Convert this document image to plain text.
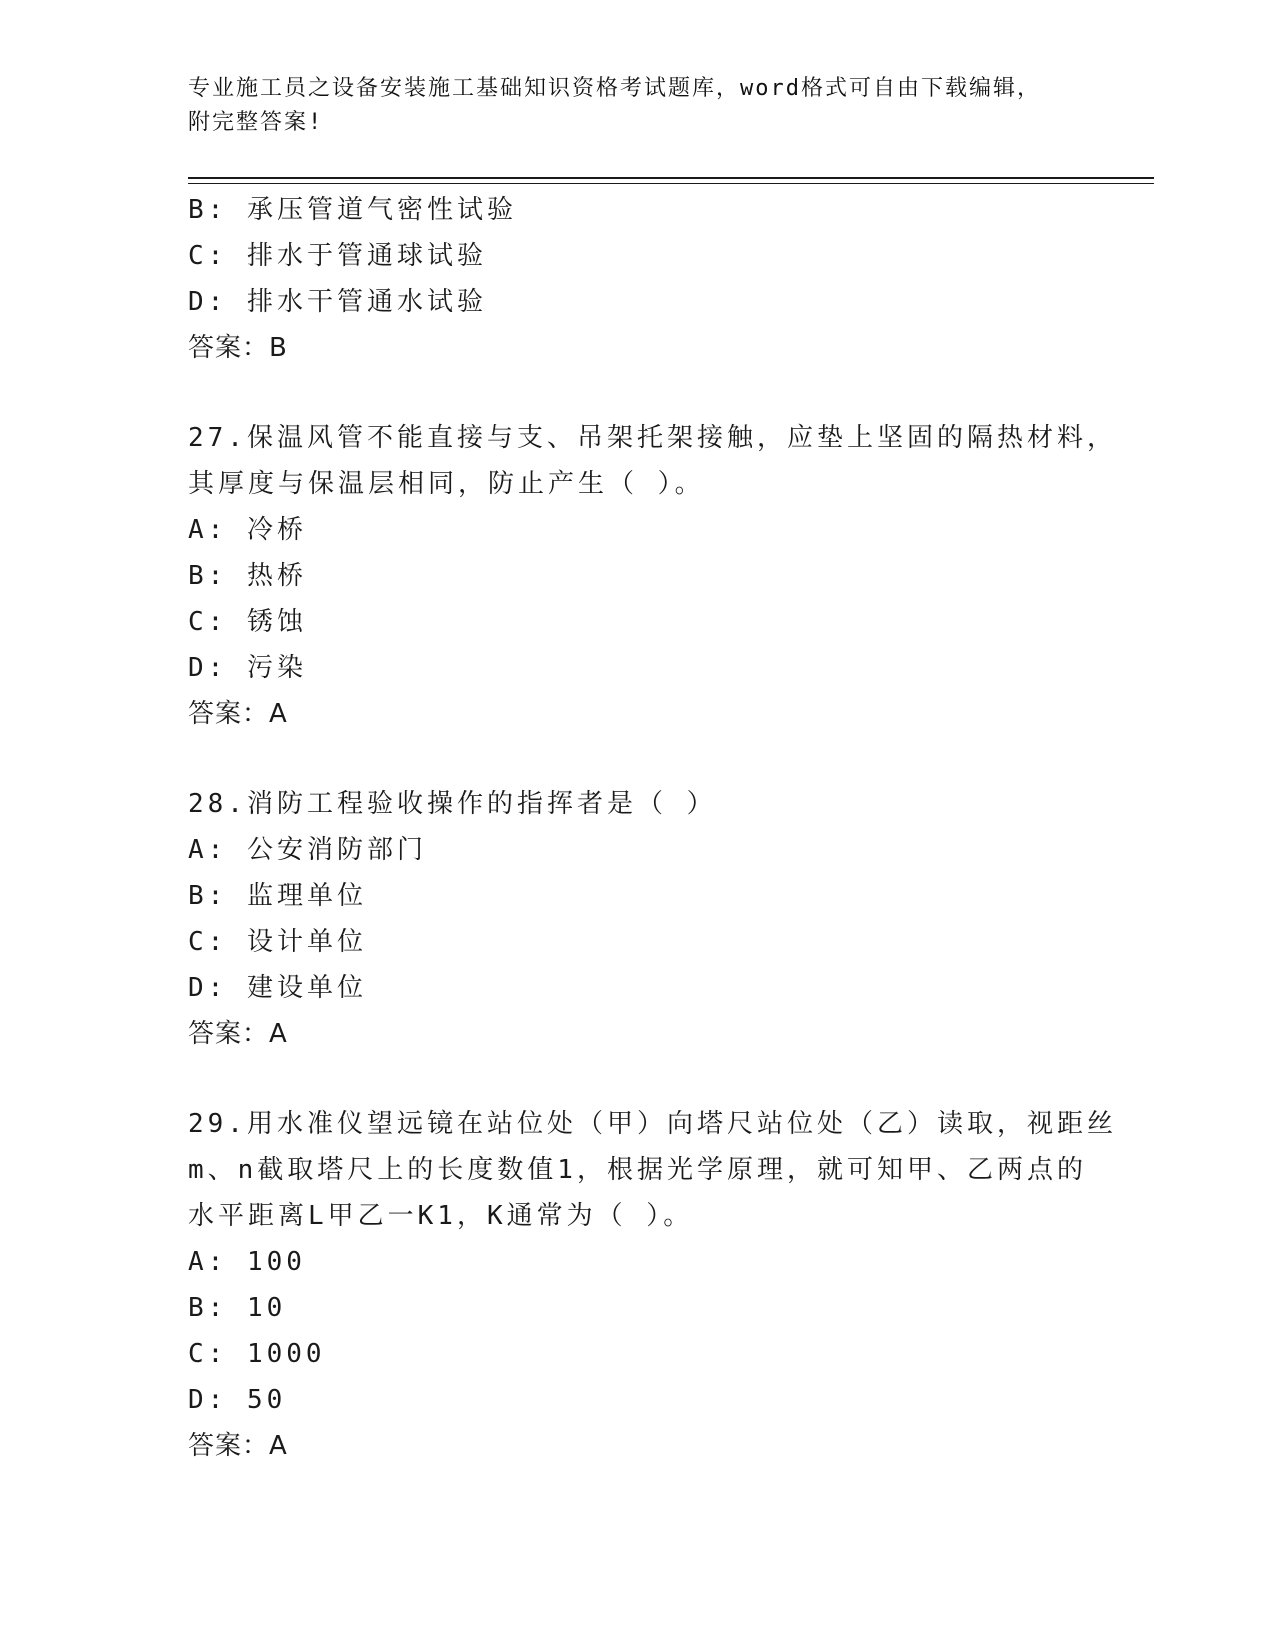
专业施工员之设备安装施工基础知识资格考试题库，word格式可自由下载编辑，
附完整答案!
B: 承压管道气密性试验
C: 排水于管通球试验
D: 排水干管通水试验
答案：B
27.保温风管不能直接与支、吊架托架接触，应垫上坚固的隔热材料，
其厚度与保温层相同，防止产生（ ）。
A: 冷桥
B: 热桥
C: 锈蚀
D: 污染
答案：A
28.消防工程验收操作的指挥者是（ ）
A: 公安消防部门
B: 监理单位
C: 设计单位
D: 建设单位
答案：A
29.用水准仪望远镜在站位处（甲）向塔尺站位处（乙）读取，视距丝
m、n截取塔尺上的长度数值1，根据光学原理，就可知甲、乙两点的
水平距离L甲乙一K1，K通常为（ ）。
A: 100
B: 10
C: 1000
D: 50
答案：A
